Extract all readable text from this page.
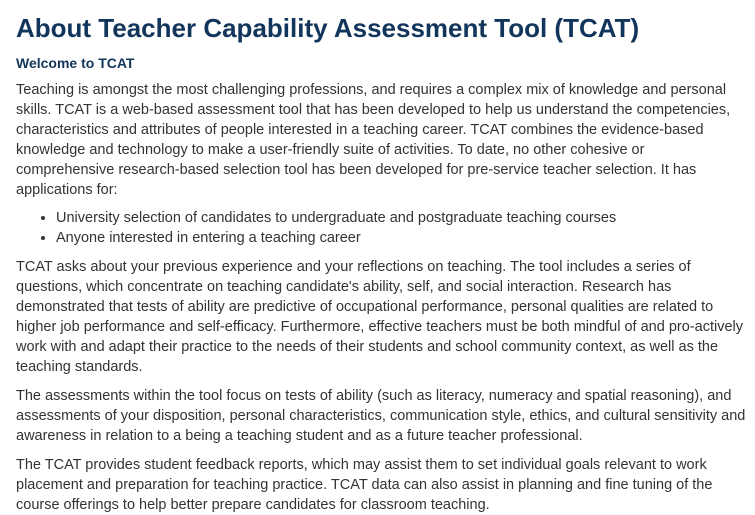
About Teacher Capability Assessment Tool (TCAT)
Welcome to TCAT

Teaching is amongst the most challenging professions, and requires a complex mix of knowledge and personal skills. TCAT is a web-based assessment tool that has been developed to help us understand the competencies, characteristics and attributes of people interested in a teaching career. TCAT combines the evidence-based knowledge and technology to make a user-friendly suite of activities. To date, no other cohesive or comprehensive research-based selection tool has been developed for pre-service teacher selection. It has applications for:

• University selection of candidates to undergraduate and postgraduate teaching courses
• Anyone interested in entering a teaching career

TCAT asks about your previous experience and your reflections on teaching. The tool includes a series of questions, which concentrate on teaching candidate's ability, self, and social interaction. Research has demonstrated that tests of ability are predictive of occupational performance, personal qualities are related to higher job performance and self-efficacy. Furthermore, effective teachers must be both mindful of and pro-actively work with and adapt their practice to the needs of their students and school community context, as well as the teaching standards.

The assessments within the tool focus on tests of ability (such as literacy, numeracy and spatial reasoning), and assessments of your disposition, personal characteristics, communication style, ethics, and cultural sensitivity and awareness in relation to a being a teaching student and as a future teacher professional.

The TCAT provides student feedback reports, which may assist them to set individual goals relevant to work placement and preparation for teaching practice. TCAT data can also assist in planning and fine tuning of the course offerings to help better prepare candidates for classroom teaching.
